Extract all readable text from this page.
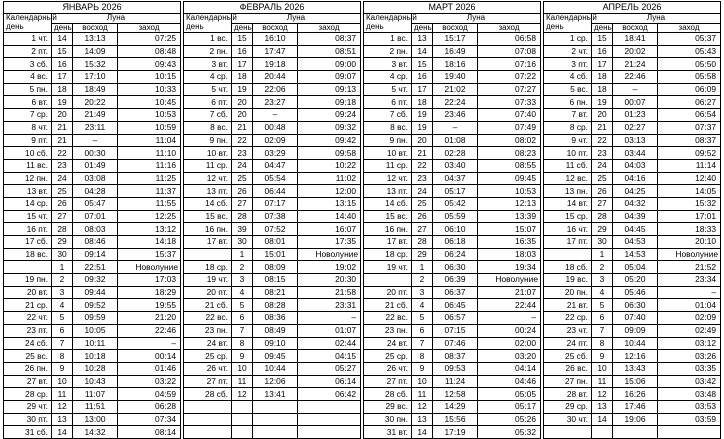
ЯНВАРЬ 2026			
Календарный
день	Луна		
	день	восход	заход
1 чт.	14	13:13	07:25
2 пт.	15	14:09	08:48
3 сб.	16	15:32	09:43
4 вс.	17	17:10	10:15
5 пн.	18	18:49	10:33
6 вт.	19	20:22	10:45
7 ср.	20	21:49	10:53
8 чт.	21	23:11	10:59
9 пт.	21	–	11:04
10 сб.	22	00:30	11:10
11 вс.	23	01:49	11:16
12 пн.	24	03:08	11:25
13 вт.	25	04:28	11:37
14 ср.	26	05:47	11:55
15 чт.	27	07:01	12:25
16 пт.	28	08:03	13:12
17 сб.	29	08:46	14:18
18 вс.	30	09:14	15:37
	1	22:51	Новолуние
19 пн.	2	09:32	17:03
20 вт.	3	09:44	18:29
21 ср.	4	09:52	19:55
22 чт.	5	09:59	21:20
23 пт.	6	10:05	22:46
24 сб.	7	10:11	–
25 вс.	8	10:18	00:14
26 пн.	9	10:28	01:46
27 вт.	10	10:43	03:22
28 ср.	11	11:07	04:59
29 чт.	12	11:51	06:28
30 пт.	13	13:00	07:34
31 сб.	14	14:32	08:14
ФЕВРАЛЬ 2026			
Календарный
день	Луна		
	день	восход	заход
1 вс.	15	16:10	08:37
2 пн.	16	17:47	08:51
3 вт.	17	19:18	09:00
4 ср.	18	20:44	09:07
5 чт.	19	22:06	09:13
6 пт.	20	23:27	09:18
7 сб.	20	–	09:24
8 вс.	21	00:48	09:32
9 пн.	22	02:09	09:42
10 вт.	23	03:29	09:58
11 ср.	24	04:47	10:22
12 чт.	25	05:54	11:02
13 пт.	26	06:44	12:00
14 сб.	27	07:17	13:15
15 вс.	28	07:38	14:40
16 пн.	39	07:52	16:07
17 вт.	30	08:01	17:35
	1	15:01	Новолуние
18 ср.	2	08:09	19:02
19 чт.	3	08:15	20:30
20 пт.	4	08:21	21:58
21 сб.	5	08:28	23:31
22 вс.	6	08:36	–
23 пн.	7	08:49	01:07
24 вт.	8	09:10	02:44
25 ср.	9	09:45	04:15
26 чт.	10	10:44	05:27
27 пт.	11	12:06	06:14
28 сб.	12	13:41	06:42

МАРТ 2026			
Календарный
день	Луна		
	день	восход	заход
1 вс.	13	15:17	06:58
2 пн.	14	16:49	07:08
3 вт.	15	18:16	07:16
4 ср.	16	19:40	07:22
5 чт.	17	21:02	07:27
6 пт.	18	22:24	07:33
7 сб.	19	23:46	07:40
8 вс.	19	–	07:49
9 пн.	20	01:08	08:02
10 вт.	21	02:28	08:23
11 ср.	22	03:40	08:55
12 чт.	23	04:37	09:45
13 пт.	24	05:17	10:53
14 сб.	25	05:42	12:13
15 вс.	26	05:59	13:39
16 пн.	27	06:10	15:07
17 вт.	28	06:18	16:35
18 ср.	29	06:24	18:03
19 чт.	1	06:30	19:34
	2	06:39	Новолуние
20 пт.	3	06:37	21:07
21 сб.	4	06:45	22:44
22 вс.	5	06:57	–
23 пн.	6	07:15	00:24
24 вт.	7	07:46	02:00
25 ср.	8	08:37	03:20
26 чт.	9	09:53	04:14
27 пт.	10	11:24	04:46
28 сб.	11	12:58	05:05
29 вс.	12	14:29	05:17
30 пн.	13	15:56	05:26
31 вт.	14	17:19	05:32
АПРЕЛЬ 2026			
Календарный
день	Луна		
	день	восход	заход
1 ср.	15	18:41	05:37
2 чт.	16	20:02	05:43
3 пт.	17	21:24	05:50
4 сб.	18	22:46	05:58
5 вс.	18	–	06:09
6 пн.	19	00:07	06:27
7 вт.	20	01:23	06:54
8 ср.	21	02:27	07:37
9 чт.	22	03:13	08:37
10 пт.	23	03:44	09:52
11 сб.	24	04:03	11:14
12 вс.	25	04:16	12:40
13 пн.	26	04:25	14:05
14 вт.	27	04:32	15:32
15 ср.	28	04:39	17:01
16 чт.	29	04:45	18:33
17 пт.	30	04:53	20:10
	1	14:53	Новолуние
18 сб.	2	05:04	21:52
19 вс.	3	05:20	23:34
20 пн.	4	05:46	–
21 вт.	5	06:30	01:04
22 ср.	6	07:40	02:09
23 чт.	7	09:09	02:49
24 пт.	8	10:44	03:12
25 сб.	9	12:16	03:26
26 вс.	10	13:43	03:35
27 пн.	11	15:06	03:42
28 вт.	12	16:26	03:48
29 ср.	13	17:46	03:53
30 чт.	14	19:06	03:59
